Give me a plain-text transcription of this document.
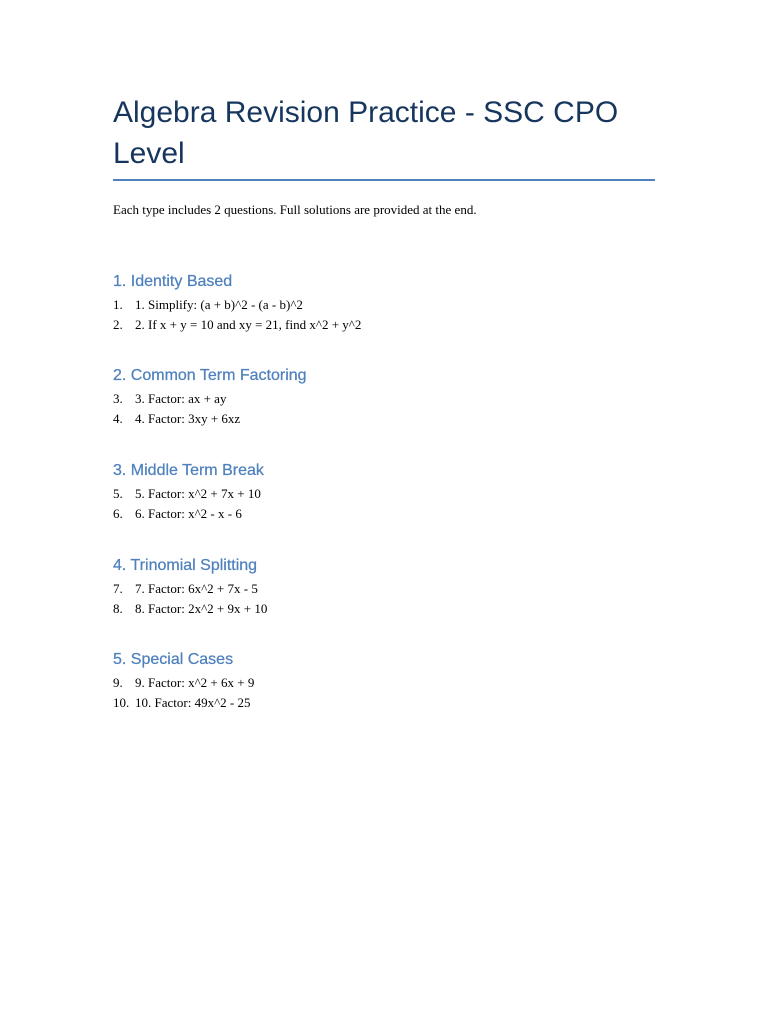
Algebra Revision Practice - SSC CPO Level

Each type includes 2 questions. Full solutions are provided at the end.

1. Identity Based
1. 1. Simplify: (a + b)^2 - (a - b)^2
2. 2. If x + y = 10 and xy = 21, find x^2 + y^2
2. Common Term Factoring
3. 3. Factor: ax + ay
4. 4. Factor: 3xy + 6xz
3. Middle Term Break
5. 5. Factor: x^2 + 7x + 10
6. 6. Factor: x^2 - x - 6
4. Trinomial Splitting
7. 7. Factor: 6x^2 + 7x - 5
8. 8. Factor: 2x^2 + 9x + 10
5. Special Cases
9. 9. Factor: x^2 + 6x + 9
10. 10. Factor: 49x^2 - 25
